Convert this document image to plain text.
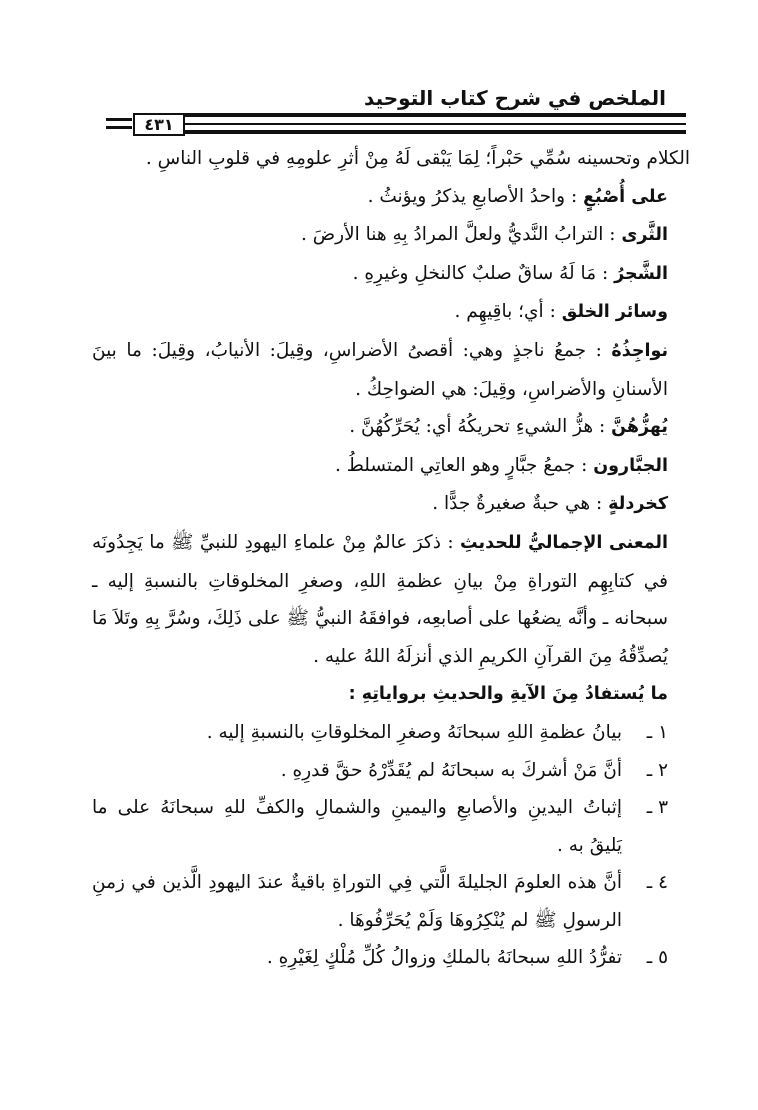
الملخص في شرح كتاب التوحيد
٤٣١

الكلام وتحسينه سُمِّي حَبْراً؛ لِمَا يَبْقى لَهُ مِنْ أثرِ علومِهِ في قلوبِ الناسِ .

على أُصْبُعٍ : واحدُ الأصابعِ يذكرُ ويؤنثُ .

الثَّرى : الترابُ النَّديُّ ولعلَّ المرادُ بِهِ هنا الأرضَ .

الشَّجرُ : مَا لَهُ ساقٌ صلبٌ كالنخلِ وغيرِهِ .

وسائر الخلق : أي؛ باقِيهِم .

نواجِذُهُ : جمعُ ناجذٍ وهي: أقصىُ الأضراسِ، وقِيلَ: الأنيابُ، وقِيلَ: ما بينَ الأسنانِ والأضراسِ، وقِيلَ: هي الضواحِكُ .

يُهزُّهُنَّ : هزُّ الشيءِ تحريكُهُ أي: يُحَرِّكُهُنَّ .

الجبَّارون : جمعُ جبَّارٍ وهو العاتِي المتسلطُ .

كخردلةٍ : هي حبةٌ صغيرةٌ جدًّا .

المعنى الإجماليُّ للحديثِ : ذكرَ عالمٌ مِنْ علماءِ اليهودِ للنبيِّ ﷺ ما يَجِدُونَه في كتابِهِم التوراةِ مِنْ بيانِ عظمةِ اللهِ، وصغرِ المخلوقاتِ بالنسبةِ إليه ـ سبحانه ـ وأنَّه يضعُها على أصابعِه، فوافقَهُ النبيُّ ﷺ على ذَلِكَ، وسُرَّ بِهِ وتَلاَ مَا يُصدِّقُهُ مِنَ القرآنِ الكريمِ الذي أنزلَهُ اللهُ عليه .

ما يُستفادُ مِنَ الآيةِ والحديثِ برواياتِهِ :

١ ـ
بيانُ عظمةِ اللهِ سبحانَهُ وصغرِ المخلوقاتِ بالنسبةِ إليه .
٢ ـ
أنَّ مَنْ أشركَ به سبحانَهُ لم يُقَدِّرْهُ حقَّ قدرِهِ .
٣ ـ
إثباتُ اليدينِ والأصابعِ واليمينِ والشمالِ والكفِّ للهِ سبحانَهُ على ما يَليقُ به .
٤ ـ
أنَّ هذه العلومَ الجليلةَ الَّتي فِي التوراةِ باقيةٌ عندَ اليهودِ الَّذين في زمنِ الرسولِ ﷺ لم يُنْكِرُوهَا وَلَمْ يُحَرِّفُوهَا .
٥ ـ
تفرُّدُ اللهِ سبحانَهُ بالملكِ وزوالُ كُلِّ مُلْكٍ لِغَيْرِهِ .
